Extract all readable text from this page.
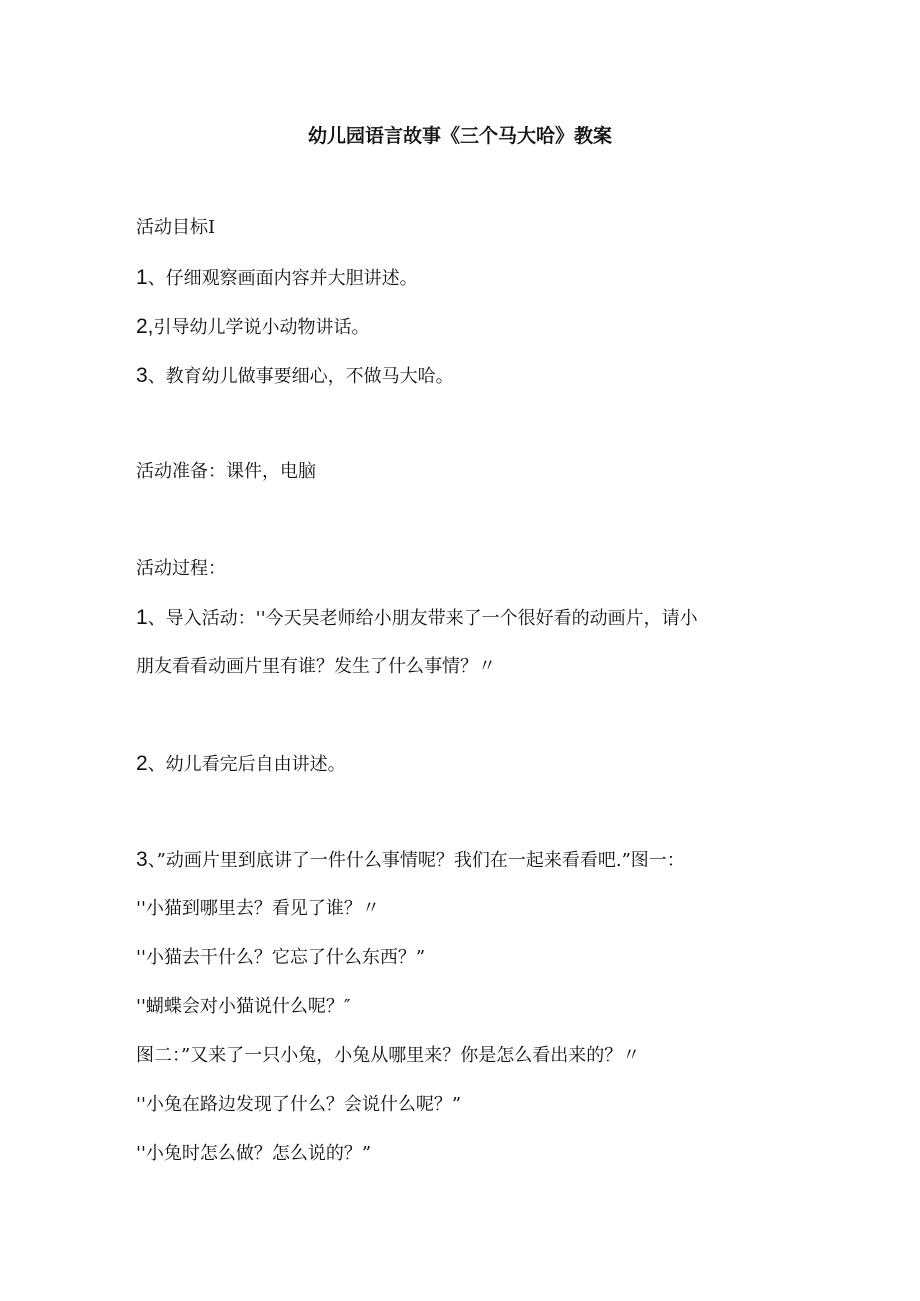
幼儿园语言故事《三个马大哈》教案
活动目标I
1、仔细观察画面内容并大胆讲述。
2,引导幼儿学说小动物讲话。
3、教育幼儿做事要细心，不做马大哈。
活动准备：课件，电脑
活动过程：
1、导入活动：''今天吴老师给小朋友带来了一个很好看的动画片，请小
朋友看看动画片里有谁？发生了什么事情？〃
2、幼儿看完后自由讲述。
3、”动画片里到底讲了一件什么事情呢？我们在一起来看看吧.”图一：
''小猫到哪里去？看见了谁？〃
''小猫去干什么？它忘了什么东西？”
''蝴蝶会对小猫说什么呢？″
图二：”又来了一只小兔，小兔从哪里来？你是怎么看出来的？〃
''小兔在路边发现了什么？会说什么呢？”
''小兔时怎么做？怎么说的？”
